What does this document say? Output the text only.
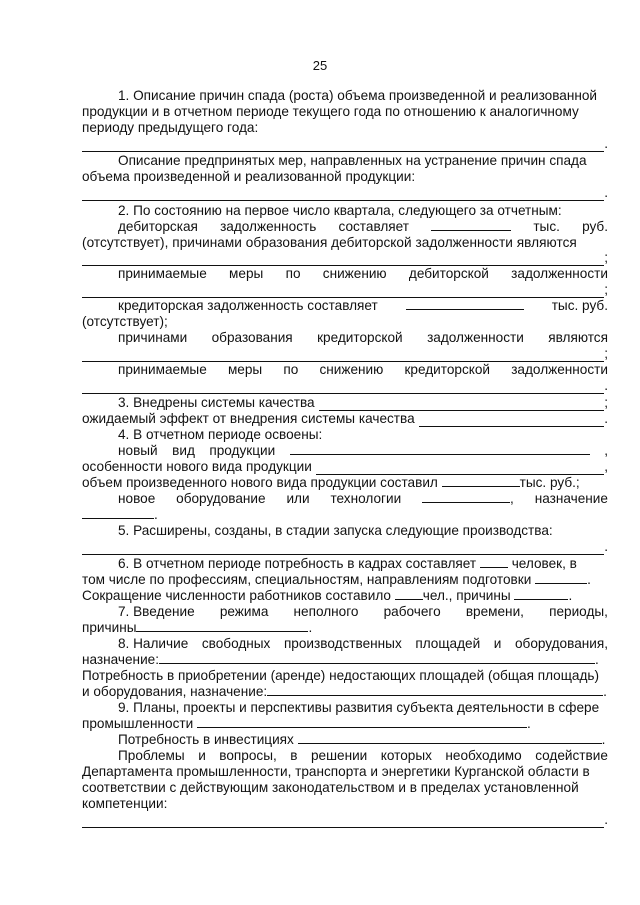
25
1. Описание причин спада (роста) объема произведенной и реализованной
продукции и в отчетном периоде текущего года по отношению к аналогичному
периоду предыдущего года:
.
Описание предпринятых мер, направленных на устранение причин спада
объема произведенной и реализованной продукции:
.
2. По состоянию на первое число квартала, следующего за отчетным:
дебиторская задолженность составляет	тыс. руб.
(отсутствует), причинами образования дебиторской задолженности являются
;
принимаемые меры по снижению дебиторской задолженности
;
кредиторская задолженность составляет	тыс. руб.
(отсутствует);
причинами образования кредиторской задолженности являются
;
принимаемые меры по снижению кредиторской задолженности
.
3. Внедрены системы качества	;
ожидаемый эффект от внедрения системы качества	.
4. В отчетном периоде освоены:
новый вид продукции	,
особенности нового вида продукции	,
объем произведенного нового вида продукции составил	тыс. руб.;
новое оборудование или технологии	, назначение
.
5. Расширены, созданы, в стадии запуска следующие производства:
.
6. В отчетном периоде потребность в кадрах составляет	человек, в
том числе по профессиям, специальностям, направлениям подготовки	.
Сокращение численности работников составило чел., причины	.
7. Введение режима неполного рабочего времени, периоды,
причины	.
8. Наличие свободных производственных площадей и оборудования,
назначение:	.
Потребность в приобретении (аренде) недостающих площадей (общая площадь)
и оборудования, назначение:	.
9. Планы, проекты и перспективы развития субъекта деятельности в сфере
промышленности	.
Потребность в инвестициях	.
Проблемы и вопросы, в решении которых необходимо содействие
Департамента промышленности, транспорта и энергетики Курганской области в
соответствии с действующим законодательством и в пределах установленной
компетенции:
.
